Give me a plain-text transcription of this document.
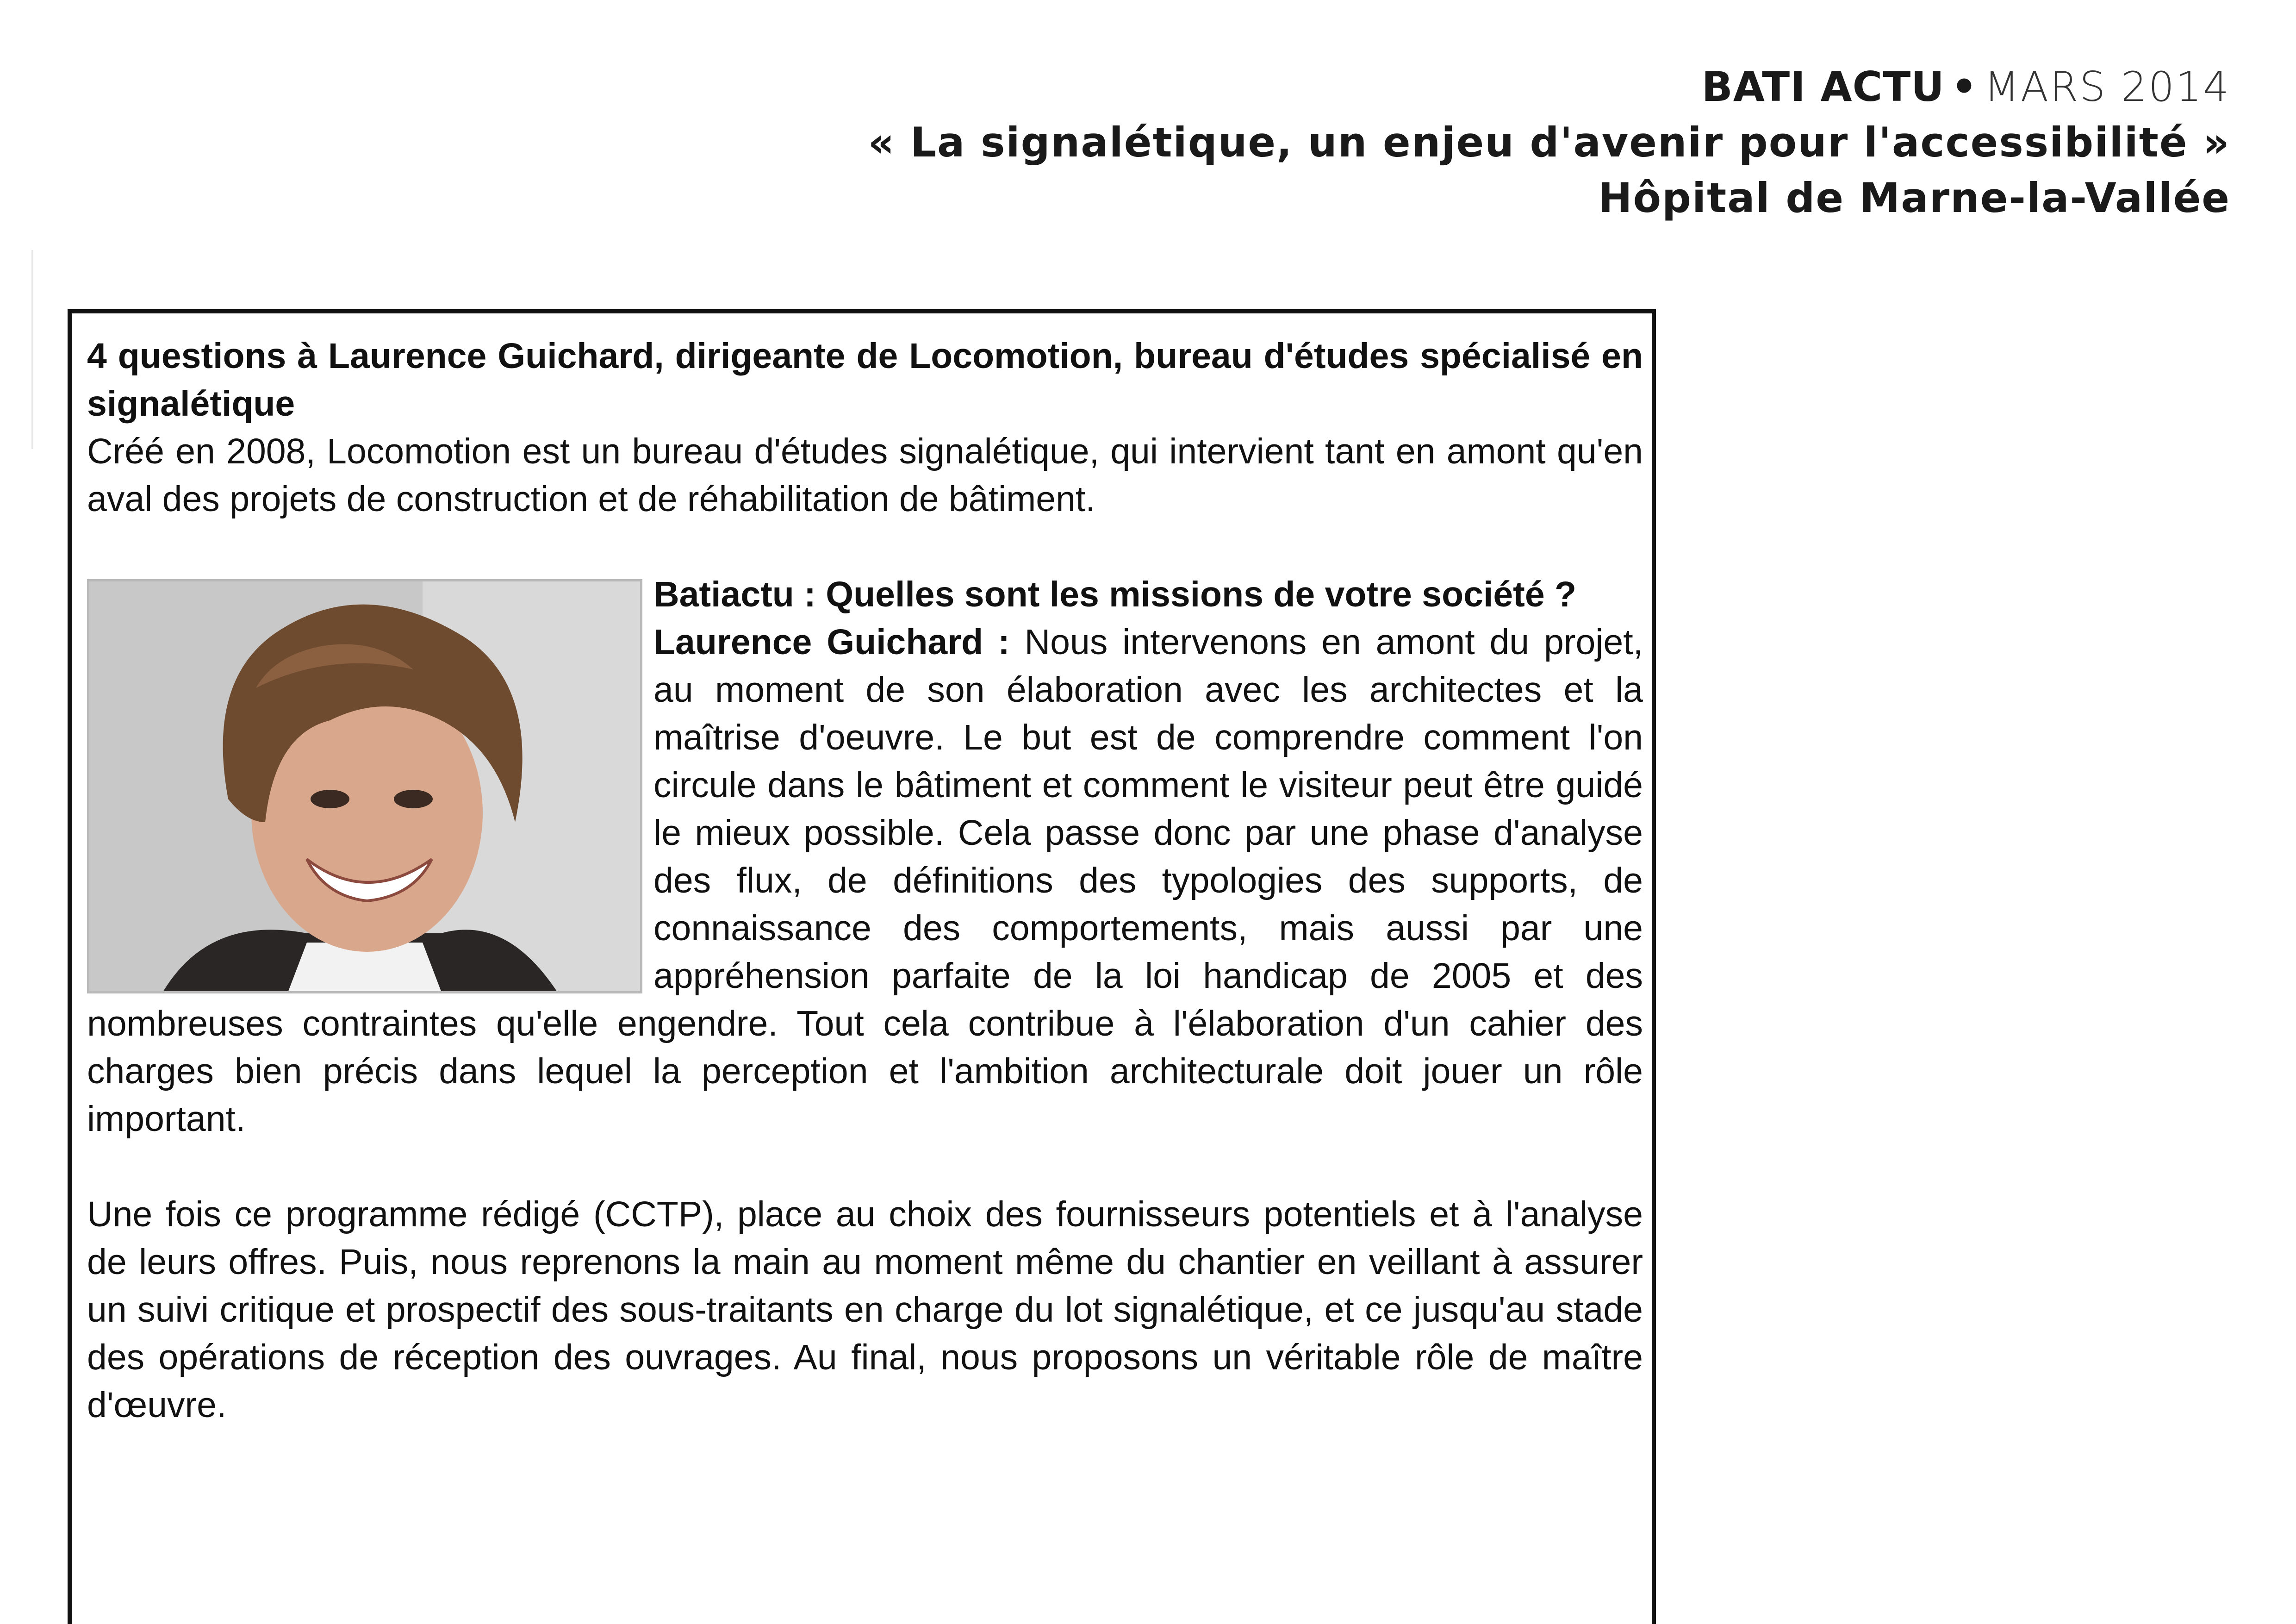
BATI ACTU • MARS 2014
« La signalétique, un enjeu d'avenir pour l'accessibilité »
Hôpital de Marne-la-Vallée

4 questions à Laurence Guichard, dirigeante de Locomotion, bureau d'études spécialisé en signalétique

Créé en 2008, Locomotion est un bureau d'études signalétique, qui intervient tant en amont qu'en aval des projets de construction et de réhabilitation de bâtiment.

Batiactu : Quelles sont les missions de votre société ?
Laurence Guichard : Nous intervenons en amont du projet, au moment de son élaboration avec les architectes et la maîtrise d'oeuvre. Le but est de comprendre comment l'on circule dans le bâtiment et comment le visiteur peut être guidé le mieux possible. Cela passe donc par une phase d'analyse des flux, de définitions des typologies des supports, de connaissance des comportements, mais aussi par une appréhension parfaite de la loi handicap de 2005 et des nombreuses contraintes qu'elle engendre. Tout cela contribue à l'élaboration d'un cahier des charges bien précis dans lequel la perception et l'ambition architecturale doit jouer un rôle important.

Une fois ce programme rédigé (CCTP), place au choix des fournisseurs potentiels et à l'analyse de leurs offres. Puis, nous reprenons la main au moment même du chantier en veillant à assurer un suivi critique et prospectif des sous-traitants en charge du lot signalétique, et ce jusqu'au stade des opérations de réception des ouvrages. Au final, nous proposons un véritable rôle de maître d'œuvre.
